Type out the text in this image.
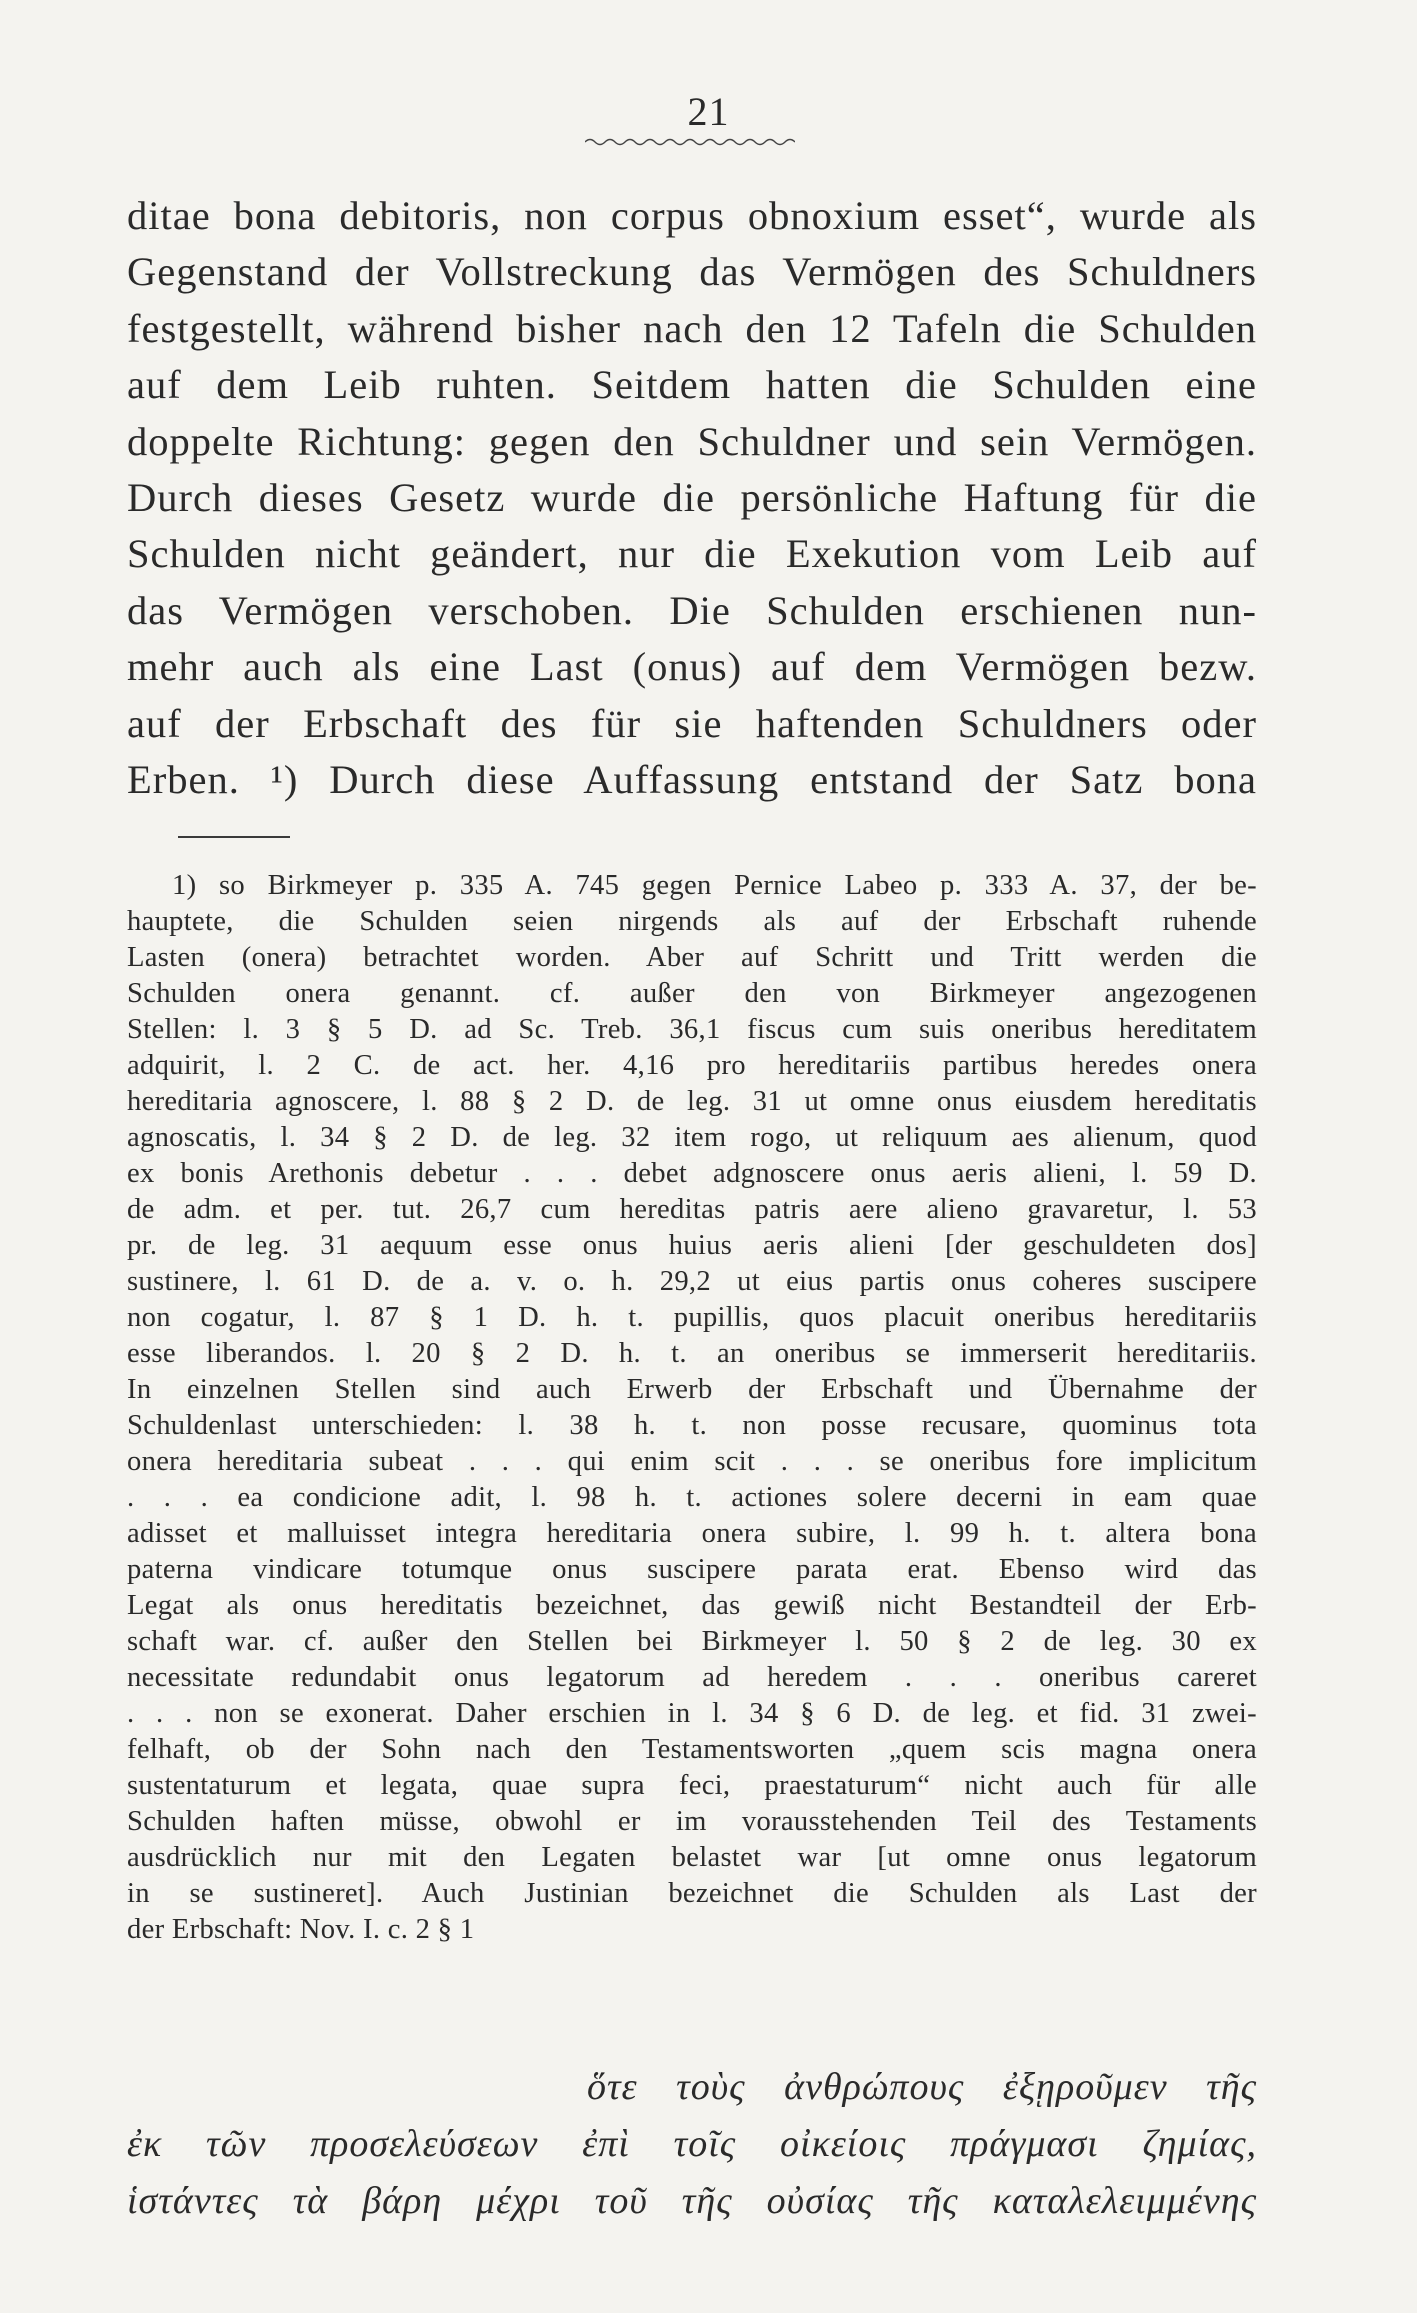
21
ditae bona debitoris, non corpus obnoxium esset“, wurde als
Gegenstand der Vollstreckung das Vermögen des Schuldners
festgestellt, während bisher nach den 12 Tafeln die Schulden
auf dem Leib ruhten. Seitdem hatten die Schulden eine
doppelte Richtung: gegen den Schuldner und sein Vermögen.
Durch dieses Gesetz wurde die persönliche Haftung für die
Schulden nicht geändert, nur die Exekution vom Leib auf
das Vermögen verschoben. Die Schulden erschienen nun-
mehr auch als eine Last (onus) auf dem Vermögen bezw.
auf der Erbschaft des für sie haftenden Schuldners oder
Erben. ¹) Durch diese Auffassung entstand der Satz bona
1) so Birkmeyer p. 335 A. 745 gegen Pernice Labeo p. 333 A. 37, der be-
hauptete, die Schulden seien nirgends als auf der Erbschaft ruhende
Lasten (onera) betrachtet worden. Aber auf Schritt und Tritt werden die
Schulden onera genannt. cf. außer den von Birkmeyer angezogenen
Stellen: l. 3 § 5 D. ad Sc. Treb. 36,1 fiscus cum suis oneribus hereditatem
adquirit, l. 2 C. de act. her. 4,16 pro hereditariis partibus heredes onera
hereditaria agnoscere, l. 88 § 2 D. de leg. 31 ut omne onus eiusdem hereditatis
agnoscatis, l. 34 § 2 D. de leg. 32 item rogo, ut reliquum aes alienum, quod
ex bonis Arethonis debetur . . . debet adgnoscere onus aeris alieni, l. 59 D.
de adm. et per. tut. 26,7 cum hereditas patris aere alieno gravaretur, l. 53
pr. de leg. 31 aequum esse onus huius aeris alieni [der geschuldeten dos]
sustinere, l. 61 D. de a. v. o. h. 29,2 ut eius partis onus coheres suscipere
non cogatur, l. 87 § 1 D. h. t. pupillis, quos placuit oneribus hereditariis
esse liberandos. l. 20 § 2 D. h. t. an oneribus se immerserit hereditariis.
In einzelnen Stellen sind auch Erwerb der Erbschaft und Übernahme der
Schuldenlast unterschieden: l. 38 h. t. non posse recusare, quominus tota
onera hereditaria subeat . . . qui enim scit . . . se oneribus fore implicitum
. . . ea condicione adit, l. 98 h. t. actiones solere decerni in eam quae
adisset et malluisset integra hereditaria onera subire, l. 99 h. t. altera bona
paterna vindicare totumque onus suscipere parata erat. Ebenso wird das
Legat als onus hereditatis bezeichnet, das gewiß nicht Bestandteil der Erb-
schaft war. cf. außer den Stellen bei Birkmeyer l. 50 § 2 de leg. 30 ex
necessitate redundabit onus legatorum ad heredem . . . oneribus careret
. . . non se exonerat. Daher erschien in l. 34 § 6 D. de leg. et fid. 31 zwei-
felhaft, ob der Sohn nach den Testamentsworten „quem scis magna onera
sustentaturum et legata, quae supra feci, praestaturum“ nicht auch für alle
Schulden haften müsse, obwohl er im vorausstehenden Teil des Testaments
ausdrücklich nur mit den Legaten belastet war [ut omne onus legatorum
in se sustineret]. Auch Justinian bezeichnet die Schulden als Last der
der Erbschaft: Nov. I. c. 2 § 1
ὅτε τοὺς ἀνθρώπους ἐξῃροῦμεν τῆς
ἐκ τῶν προσελεύσεων ἐπὶ τοῖς οἰκείοις πράγμασι ζημίας,
ἱστάντες τὰ βάρη μέχρι τοῦ τῆς οὐσίας τῆς καταλελειμμένης
